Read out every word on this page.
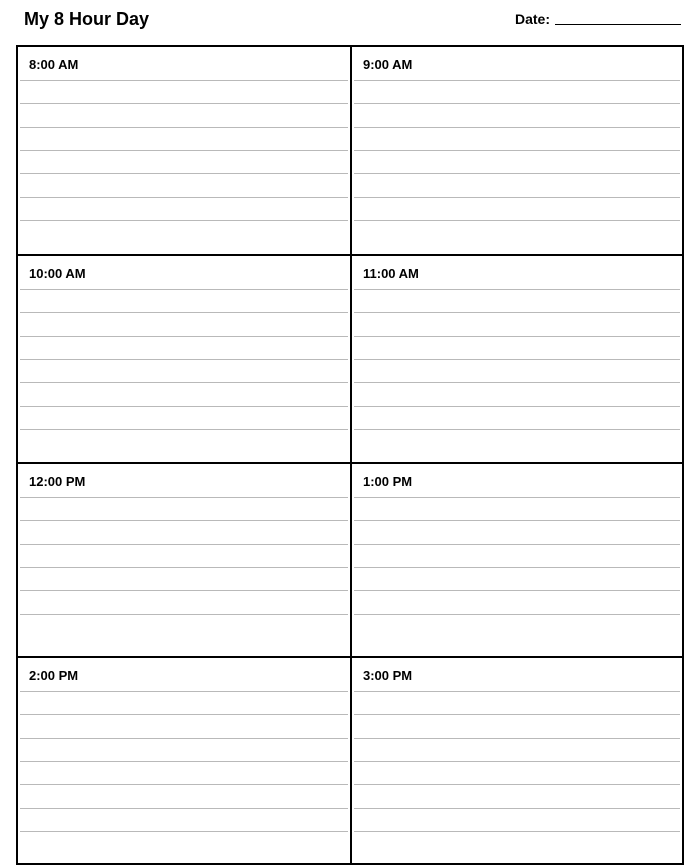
My 8 Hour Day	Date:
8:00 AM	9:00 AM
10:00 AM	11:00 AM
12:00 PM	1:00 PM
2:00 PM	3:00 PM
